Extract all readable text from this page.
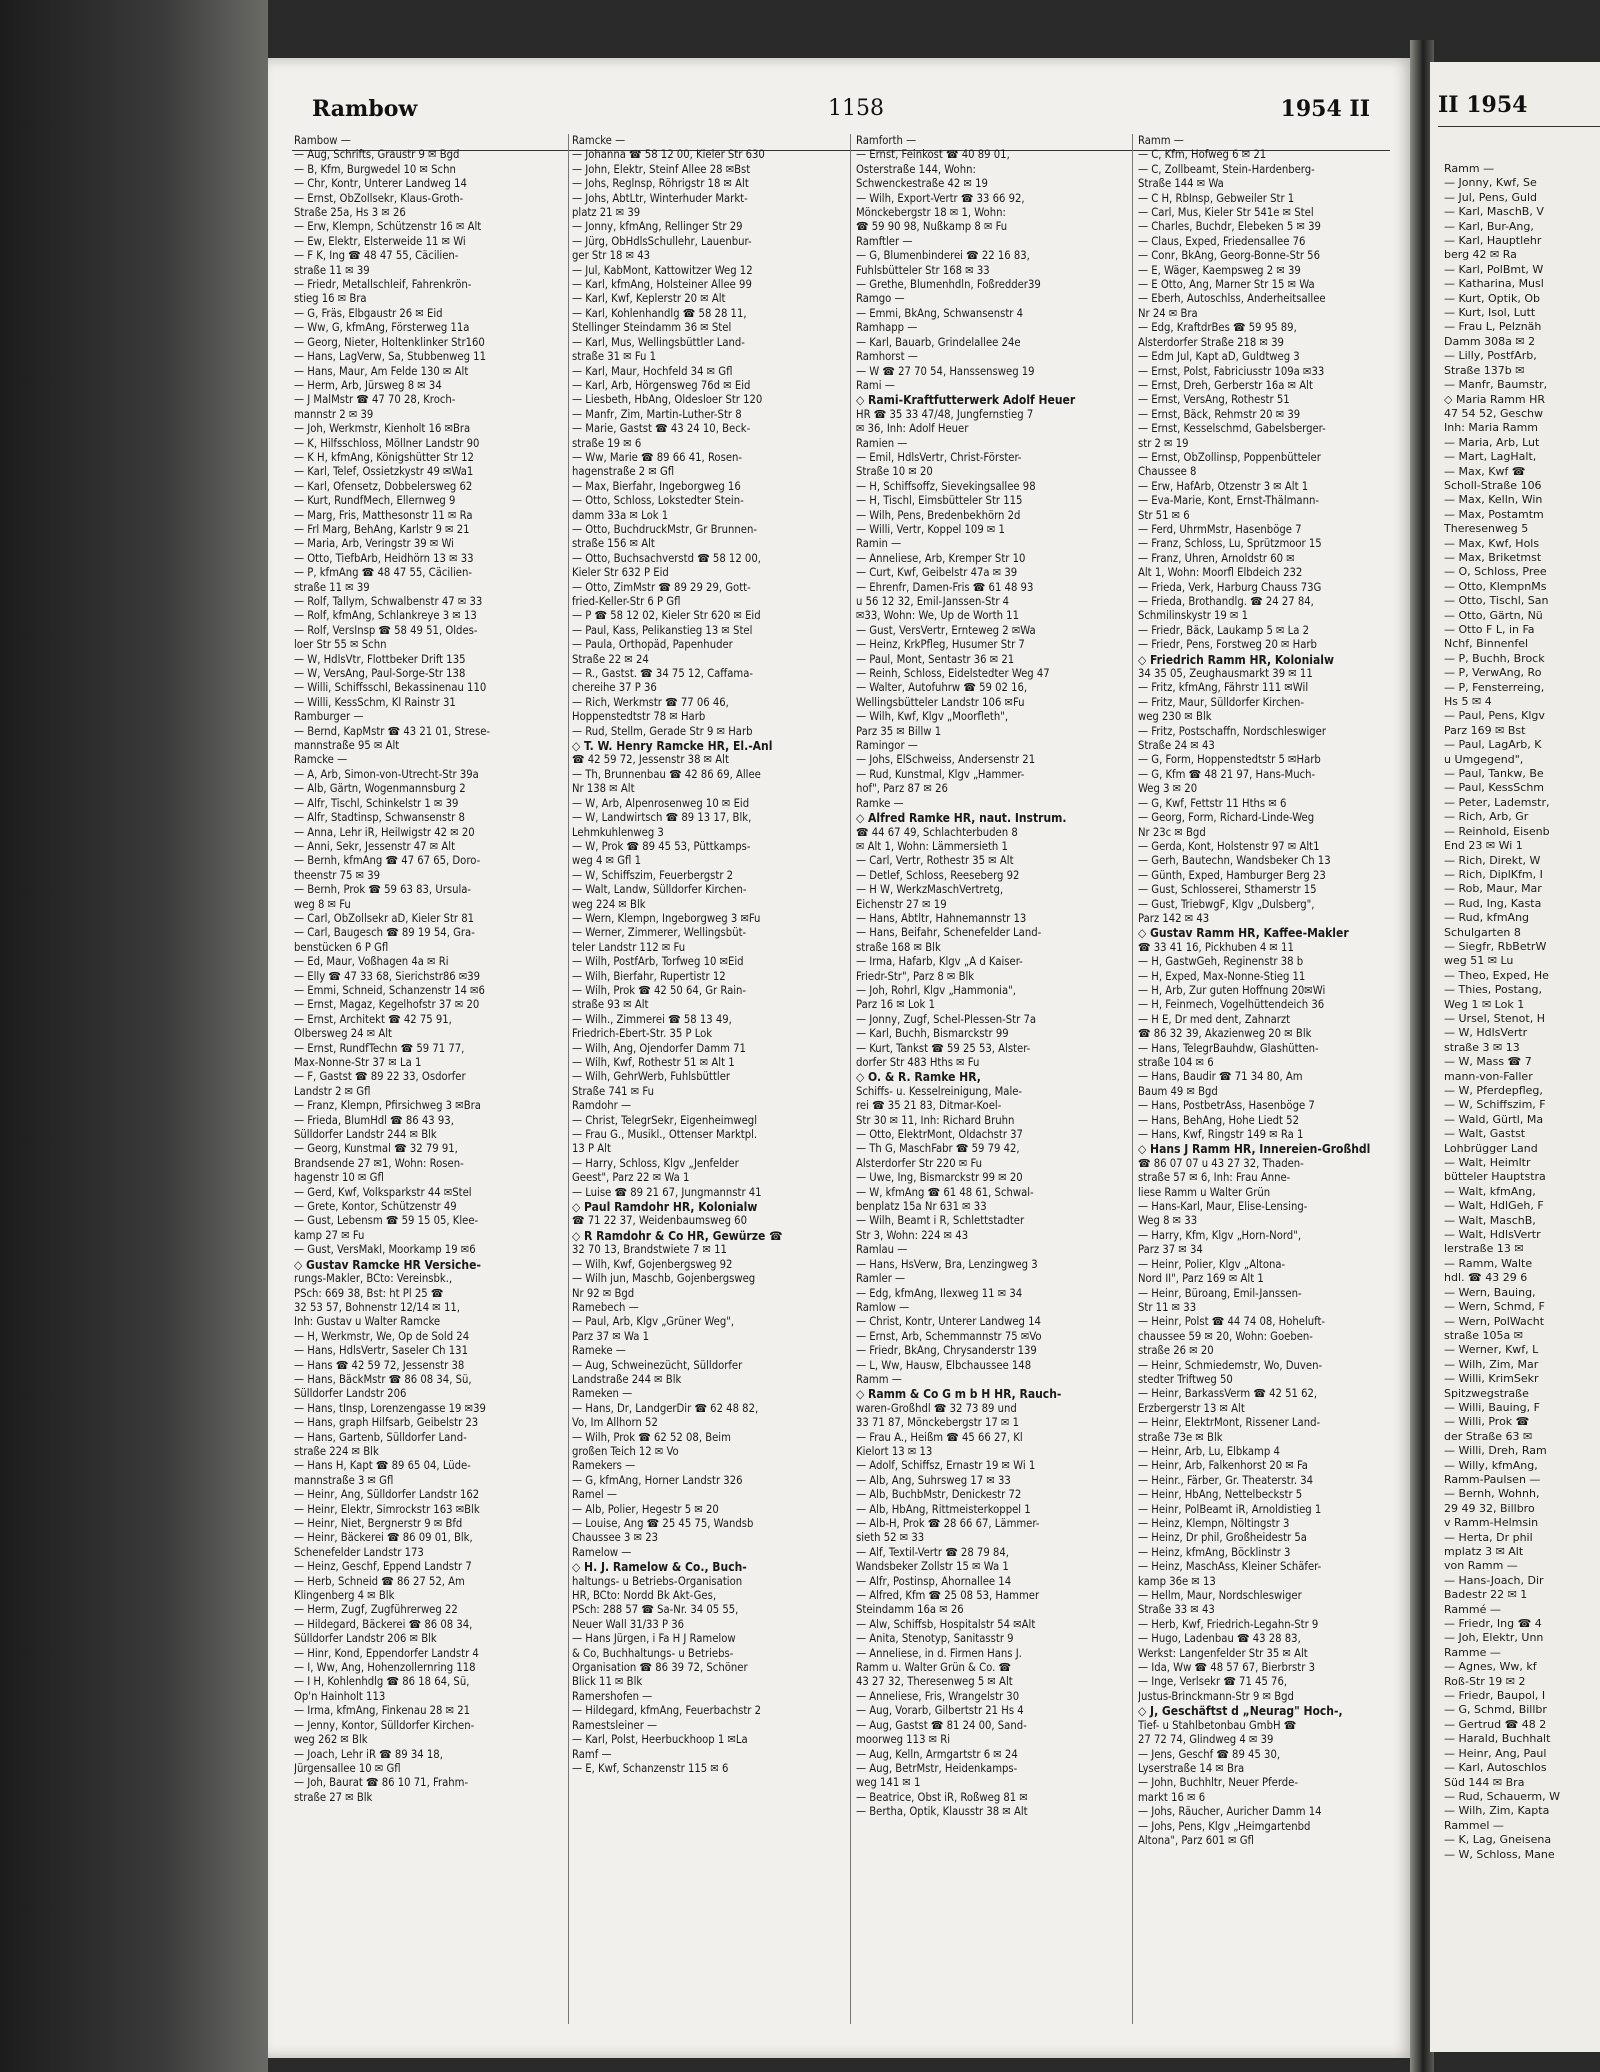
Rambow	1158	1954 II
Rambow —
— Aug, Schrifts, Graustr 9 ✉ Bgd
— B, Kfm, Burgwedel 10 ✉ Schn
— Chr, Kontr, Unterer Landweg 14
— Ernst, ObZollsekr, Klaus-Groth-
Straße 25a, Hs 3 ✉ 26
— Erw, Klempn, Schützenstr 16 ✉ Alt
— Ew, Elektr, Elsterweide 11 ✉ Wi
— F K, Ing ☎ 48 47 55, Cäcilien-
straße 11 ✉ 39
— Friedr, Metallschleif, Fahrenkrön-
stieg 16 ✉ Bra
— G, Fräs, Elbgaustr 26 ✉ Eid
— Ww, G, kfmAng, Försterweg 11a
— Georg, Nieter, Holtenklinker Str160
— Hans, LagVerw, Sa, Stubbenweg 11
— Hans, Maur, Am Felde 130 ✉ Alt
— Herm, Arb, Jürsweg 8 ✉ 34
— J MalMstr ☎ 47 70 28, Kroch-
mannstr 2 ✉ 39
— Joh, Werkmstr, Kienholt 16 ✉Bra
— K, Hilfsschloss, Möllner Landstr 90
— K H, kfmAng, Königshütter Str 12
— Karl, Telef, Ossietzkystr 49 ✉Wa1
— Karl, Ofensetz, Dobbelersweg 62
— Kurt, RundfMech, Ellernweg 9
— Marg, Fris, Matthesonstr 11 ✉ Ra
— Frl Marg, BehAng, Karlstr 9 ✉ 21
— Maria, Arb, Veringstr 39 ✉ Wi
— Otto, TiefbArb, Heidhörn 13 ✉ 33
— P, kfmAng ☎ 48 47 55, Cäcilien-
straße 11 ✉ 39
— Rolf, Tallym, Schwalbenstr 47 ✉ 33
— Rolf, kfmAng, Schlankreye 3 ✉ 13
— Rolf, VersInsp ☎ 58 49 51, Oldes-
loer Str 55 ✉ Schn
— W, HdlsVtr, Flottbeker Drift 135
— W, VersAng, Paul-Sorge-Str 138
— Willi, Schiffsschl, Bekassinenau 110
— Willi, KessSchm, Kl Rainstr 31
Ramburger —
— Bernd, KapMstr ☎ 43 21 01, Strese-
mannstraße 95 ✉ Alt
Ramcke —
— A, Arb, Simon-von-Utrecht-Str 39a
— Alb, Gärtn, Wogenmannsburg 2
— Alfr, Tischl, Schinkelstr 1 ✉ 39
— Alfr, Stadtinsp, Schwansenstr 8
— Anna, Lehr iR, Heilwigstr 42 ✉ 20
— Anni, Sekr, Jessenstr 47 ✉ Alt
— Bernh, kfmAng ☎ 47 67 65, Doro-
theenstr 75 ✉ 39
— Bernh, Prok ☎ 59 63 83, Ursula-
weg 8 ✉ Fu
— Carl, ObZollsekr aD, Kieler Str 81
— Carl, Baugesch ☎ 89 19 54, Gra-
benstücken 6 P Gfl
— Ed, Maur, Voßhagen 4a ✉ Ri
— Elly ☎ 47 33 68, Sierichstr86 ✉39
— Emmi, Schneid, Schanzenstr 14 ✉6
— Ernst, Magaz, Kegelhofstr 37 ✉ 20
— Ernst, Architekt ☎ 42 75 91,
Olbersweg 24 ✉ Alt
— Ernst, RundfTechn ☎ 59 71 77,
Max-Nonne-Str 37 ✉ La 1
— F, Gastst ☎ 89 22 33, Osdorfer
Landstr 2 ✉ Gfl
— Franz, Klempn, Pfirsichweg 3 ✉Bra
— Frieda, BlumHdl ☎ 86 43 93,
Sülldorfer Landstr 244 ✉ Blk
— Georg, Kunstmal ☎ 32 79 91,
Brandsende 27 ✉1, Wohn: Rosen-
hagenstr 10 ✉ Gfl
— Gerd, Kwf, Volksparkstr 44 ✉Stel
— Grete, Kontor, Schützenstr 49
— Gust, Lebensm ☎ 59 15 05, Klee-
kamp 27 ✉ Fu
— Gust, VersMakl, Moorkamp 19 ✉6
◇ Gustav Ramcke HR Versiche-
rungs-Makler, BCto: Vereinsbk.,
PSch: 669 38, Bst: ht Pl 25 ☎
32 53 57, Bohnenstr 12/14 ✉ 11,
Inh: Gustav u Walter Ramcke
— H, Werkmstr, We, Op de Sold 24
— Hans, HdlsVertr, Saseler Ch 131
— Hans ☎ 42 59 72, Jessenstr 38
— Hans, BäckMstr ☎ 86 08 34, Sü,
Sülldorfer Landstr 206
— Hans, tInsp, Lorenzengasse 19 ✉39
— Hans, graph Hilfsarb, Geibelstr 23
— Hans, Gartenb, Sülldorfer Land-
straße 224 ✉ Blk
— Hans H, Kapt ☎ 89 65 04, Lüde-
mannstraße 3 ✉ Gfl
— Heinr, Ang, Sülldorfer Landstr 162
— Heinr, Elektr, Simrockstr 163 ✉Blk
— Heinr, Niet, Bergnerstr 9 ✉ Bfd
— Heinr, Bäckerei ☎ 86 09 01, Blk,
Schenefelder Landstr 173
— Heinz, Geschf, Eppend Landstr 7
— Herb, Schneid ☎ 86 27 52, Am
Klingenberg 4 ✉ Blk
— Herm, Zugf, Zugführerweg 22
— Hildegard, Bäckerei ☎ 86 08 34,
Sülldorfer Landstr 206 ✉ Blk
— Hinr, Kond, Eppendorfer Landstr 4
— I, Ww, Ang, Hohenzollernring 118
— I H, Kohlenhdlg ☎ 86 18 64, Sü,
Op'n Hainholt 113
— Irma, kfmAng, Finkenau 28 ✉ 21
— Jenny, Kontor, Sülldorfer Kirchen-
weg 262 ✉ Blk
— Joach, Lehr iR ☎ 89 34 18,
Jürgensallee 10 ✉ Gfl
— Joh, Baurat ☎ 86 10 71, Frahm-
straße 27 ✉ Blk
Ramcke —
— Johanna ☎ 58 12 00, Kieler Str 630
— John, Elektr, Steinf Allee 28 ✉Bst
— Johs, Reglnsp, Röhrigstr 18 ✉ Alt
— Johs, AbtLtr, Winterhuder Markt-
platz 21 ✉ 39
— Jonny, kfmAng, Rellinger Str 29
— Jürg, ObHdlsSchullehr, Lauenbur-
ger Str 18 ✉ 43
— Jul, KabMont, Kattowitzer Weg 12
— Karl, kfmAng, Holsteiner Allee 99
— Karl, Kwf, Keplerstr 20 ✉ Alt
— Karl, Kohlenhandlg ☎ 58 28 11,
Stellinger Steindamm 36 ✉ Stel
— Karl, Mus, Wellingsbüttler Land-
straße 31 ✉ Fu 1
— Karl, Maur, Hochfeld 34 ✉ Gfl
— Karl, Arb, Hörgensweg 76d ✉ Eid
— Liesbeth, HbAng, Oldesloer Str 120
— Manfr, Zim, Martin-Luther-Str 8
— Marie, Gastst ☎ 43 24 10, Beck-
straße 19 ✉ 6
— Ww, Marie ☎ 89 66 41, Rosen-
hagenstraße 2 ✉ Gfl
— Max, Bierfahr, Ingeborgweg 16
— Otto, Schloss, Lokstedter Stein-
damm 33a ✉ Lok 1
— Otto, BuchdruckMstr, Gr Brunnen-
straße 156 ✉ Alt
— Otto, Buchsachverstd ☎ 58 12 00,
Kieler Str 632 P Eid
— Otto, ZimMstr ☎ 89 29 29, Gott-
fried-Keller-Str 6 P Gfl
— P ☎ 58 12 02, Kieler Str 620 ✉ Eid
— Paul, Kass, Pelikanstieg 13 ✉ Stel
— Paula, Orthopäd, Papenhuder
Straße 22 ✉ 24
— R., Gastst. ☎ 34 75 12, Caffama-
chereihe 37 P 36
— Rich, Werkmstr ☎ 77 06 46,
Hoppenstedtstr 78 ✉ Harb
— Rud, Stellm, Gerade Str 9 ✉ Harb
◇ T. W. Henry Ramcke HR, El.-Anl
☎ 42 59 72, Jessenstr 38 ✉ Alt
— Th, Brunnenbau ☎ 42 86 69, Allee
Nr 138 ✉ Alt
— W, Arb, Alpenrosenweg 10 ✉ Eid
— W, Landwirtsch ☎ 89 13 17, Blk,
Lehmkuhlenweg 3
— W, Prok ☎ 89 45 53, Püttkamps-
weg 4 ✉ Gfl 1
— W, Schiffszim, Feuerbergstr 2
— Walt, Landw, Sülldorfer Kirchen-
weg 224 ✉ Blk
— Wern, Klempn, Ingeborgweg 3 ✉Fu
— Werner, Zimmerer, Wellingsbüt-
teler Landstr 112 ✉ Fu
— Wilh, PostfArb, Torfweg 10 ✉Eid
— Wilh, Bierfahr, Rupertistr 12
— Wilh, Prok ☎ 42 50 64, Gr Rain-
straße 93 ✉ Alt
— Wilh., Zimmerei ☎ 58 13 49,
Friedrich-Ebert-Str. 35 P Lok
— Wilh, Ang, Ojendorfer Damm 71
— Wilh, Kwf, Rothestr 51 ✉ Alt 1
— Wilh, GehrWerb, Fuhlsbüttler
Straße 741 ✉ Fu
Ramdohr —
— Christ, TelegrSekr, Eigenheimwegl
— Frau G., Musikl., Ottenser Marktpl.
13 P Alt
— Harry, Schloss, Klgv „Jenfelder
Geest", Parz 22 ✉ Wa 1
— Luise ☎ 89 21 67, Jungmannstr 41
◇ Paul Ramdohr HR, Kolonialw
☎ 71 22 37, Weidenbaumsweg 60
◇ R Ramdohr & Co HR, Gewürze ☎
32 70 13, Brandstwiete 7 ✉ 11
— Wilh, Kwf, Gojenbergsweg 92
— Wilh jun, Maschb, Gojenbergsweg
Nr 92 ✉ Bgd
Ramebech —
— Paul, Arb, Klgv „Grüner Weg",
Parz 37 ✉ Wa 1
Rameke —
— Aug, Schweinezücht, Sülldorfer
Landstraße 244 ✉ Blk
Rameken —
— Hans, Dr, LandgerDir ☎ 62 48 82,
Vo, Im Allhorn 52
— Wilh, Prok ☎ 62 52 08, Beim
großen Teich 12 ✉ Vo
Ramekers —
— G, kfmAng, Horner Landstr 326
Ramel —
— Alb, Polier, Hegestr 5 ✉ 20
— Louise, Ang ☎ 25 45 75, Wandsb
Chaussee 3 ✉ 23
Ramelow —
◇ H. J. Ramelow & Co., Buch-
haltungs- u Betriebs-Organisation
HR, BCto: Nordd Bk Akt-Ges,
PSch: 288 57 ☎ Sa-Nr. 34 05 55,
Neuer Wall 31/33 P 36
— Hans Jürgen, i Fa H J Ramelow
& Co, Buchhaltungs- u Betriebs-
Organisation ☎ 86 39 72, Schöner
Blick 11 ✉ Blk
Ramershofen —
— Hildegard, kfmAng, Feuerbachstr 2
Ramestsleiner —
— Karl, Polst, Heerbuckhoop 1 ✉La
Ramf —
— E, Kwf, Schanzenstr 115 ✉ 6
Ramforth —
— Ernst, Feinkost ☎ 40 89 01,
Osterstraße 144, Wohn:
Schwenckestraße 42 ✉ 19
— Wilh, Export-Vertr ☎ 33 66 92,
Mönckebergstr 18 ✉ 1, Wohn:
☎ 59 90 98, Nußkamp 8 ✉ Fu
Ramftler —
— G, Blumenbinderei ☎ 22 16 83,
Fuhlsbütteler Str 168 ✉ 33
— Grethe, Blumenhdln, Foßredder39
Ramgo —
— Emmi, BkAng, Schwansenstr 4
Ramhapp —
— Karl, Bauarb, Grindelallee 24e
Ramhorst —
— W ☎ 27 70 54, Hanssensweg 19
Rami —
◇ Rami-Kraftfutterwerk Adolf Heuer
HR ☎ 35 33 47/48, Jungfernstieg 7
✉ 36, Inh: Adolf Heuer
Ramien —
— Emil, HdlsVertr, Christ-Förster-
Straße 10 ✉ 20
— H, Schiffsoffz, Sievekingsallee 98
— H, Tischl, Eimsbütteler Str 115
— Wilh, Pens, Bredenbekhörn 2d
— Willi, Vertr, Koppel 109 ✉ 1
Ramin —
— Anneliese, Arb, Kremper Str 10
— Curt, Kwf, Geibelstr 47a ✉ 39
— Ehrenfr, Damen-Fris ☎ 61 48 93
u 56 12 32, Emil-Janssen-Str 4
✉33, Wohn: We, Up de Worth 11
— Gust, VersVertr, Ernteweg 2 ✉Wa
— Heinz, KrkPfleg, Husumer Str 7
— Paul, Mont, Sentastr 36 ✉ 21
— Reinh, Schloss, Eidelstedter Weg 47
— Walter, Autofuhrw ☎ 59 02 16,
Wellingsbütteler Landstr 106 ✉Fu
— Wilh, Kwf, Klgv „Moorfleth",
Parz 35 ✉ Billw 1
Ramingor —
— Johs, ElSchweiss, Andersenstr 21
— Rud, Kunstmal, Klgv „Hammer-
hof", Parz 87 ✉ 26
Ramke —
◇ Alfred Ramke HR, naut. Instrum.
☎ 44 67 49, Schlachterbuden 8
✉ Alt 1, Wohn: Lämmersieth 1
— Carl, Vertr, Rothestr 35 ✉ Alt
— Detlef, Schloss, Reeseberg 92
— H W, WerkzMaschVertretg,
Eichenstr 27 ✉ 19
— Hans, Abtltr, Hahnemannstr 13
— Hans, Beifahr, Schenefelder Land-
straße 168 ✉ Blk
— Irma, Hafarb, Klgv „A d Kaiser-
Friedr-Str", Parz 8 ✉ Blk
— Joh, Rohrl, Klgv „Hammonia",
Parz 16 ✉ Lok 1
— Jonny, Zugf, Schel-Plessen-Str 7a
— Karl, Buchh, Bismarckstr 99
— Kurt, Tankst ☎ 59 25 53, Alster-
dorfer Str 483 Hths ✉ Fu
◇ O. & R. Ramke HR,
Schiffs- u. Kesselreinigung, Male-
rei ☎ 35 21 83, Ditmar-Koel-
Str 30 ✉ 11, Inh: Richard Bruhn
— Otto, ElektrMont, Oldachstr 37
— Th G, MaschFabr ☎ 59 79 42,
Alsterdorfer Str 220 ✉ Fu
— Uwe, Ing, Bismarckstr 99 ✉ 20
— W, kfmAng ☎ 61 48 61, Schwal-
benplatz 15a Nr 631 ✉ 33
— Wilh, Beamt i R, Schlettstadter
Str 3, Wohn: 224 ✉ 43
Ramlau —
— Hans, HsVerw, Bra, Lenzingweg 3
Ramler —
— Edg, kfmAng, Ilexweg 11 ✉ 34
Ramlow —
— Christ, Kontr, Unterer Landweg 14
— Ernst, Arb, Schemmannstr 75 ✉Vo
— Friedr, BkAng, Chrysanderstr 139
— L, Ww, Hausw, Elbchaussee 148
Ramm —
◇ Ramm & Co G m b H HR, Rauch-
waren-Großhdl ☎ 32 73 89 und
33 71 87, Mönckebergstr 17 ✉ 1
— Frau A., Heißm ☎ 45 66 27, Kl
Kielort 13 ✉ 13
— Adolf, Schiffsz, Ernastr 19 ✉ Wi 1
— Alb, Ang, Suhrsweg 17 ✉ 33
— Alb, BuchbMstr, Denickestr 72
— Alb, HbAng, Rittmeisterkoppel 1
— Alb-H, Prok ☎ 28 66 67, Lämmer-
sieth 52 ✉ 33
— Alf, Textil-Vertr ☎ 28 79 84,
Wandsbeker Zollstr 15 ✉ Wa 1
— Alfr, Postinsp, Ahornallee 14
— Alfred, Kfm ☎ 25 08 53, Hammer
Steindamm 16a ✉ 26
— Alw, Schiffsb, Hospitalstr 54 ✉Alt
— Anita, Stenotyp, Sanitasstr 9
— Anneliese, in d. Firmen Hans J.
Ramm u. Walter Grün & Co. ☎
43 27 32, Theresenweg 5 ✉ Alt
— Anneliese, Fris, Wrangelstr 30
— Aug, Vorarb, Gilbertstr 21 Hs 4
— Aug, Gastst ☎ 81 24 00, Sand-
moorweg 113 ✉ Ri
— Aug, Kelln, Armgartstr 6 ✉ 24
— Aug, BetrMstr, Heidenkamps-
weg 141 ✉ 1
— Beatrice, Obst iR, Roßweg 81 ✉
— Bertha, Optik, Klausstr 38 ✉ Alt
Ramm —
— C, Kfm, Hofweg 6 ✉ 21
— C, Zollbeamt, Stein-Hardenberg-
Straße 144 ✉ Wa
— C H, RbInsp, Gebweiler Str 1
— Carl, Mus, Kieler Str 541e ✉ Stel
— Charles, Buchdr, Elebeken 5 ✉ 39
— Claus, Exped, Friedensallee 76
— Conr, BkAng, Georg-Bonne-Str 56
— E, Wäger, Kaempsweg 2 ✉ 39
— E Otto, Ang, Marner Str 15 ✉ Wa
— Eberh, Autoschlss, Anderheitsallee
Nr 24 ✉ Bra
— Edg, KraftdrBes ☎ 59 95 89,
Alsterdorfer Straße 218 ✉ 39
— Edm Jul, Kapt aD, Guldtweg 3
— Ernst, Polst, Fabriciusstr 109a ✉33
— Ernst, Dreh, Gerberstr 16a ✉ Alt
— Ernst, VersAng, Rothestr 51
— Ernst, Bäck, Rehmstr 20 ✉ 39
— Ernst, Kesselschmd, Gabelsberger-
str 2 ✉ 19
— Ernst, ObZollinsp, Poppenbütteler
Chaussee 8
— Erw, HafArb, Otzenstr 3 ✉ Alt 1
— Eva-Marie, Kont, Ernst-Thälmann-
Str 51 ✉ 6
— Ferd, UhrmMstr, Hasenböge 7
— Franz, Schloss, Lu, Sprützmoor 15
— Franz, Uhren, Arnoldstr 60 ✉
Alt 1, Wohn: Moorfl Elbdeich 232
— Frieda, Verk, Harburg Chauss 73G
— Frieda, Brothandlg. ☎ 24 27 84,
Schmilinskystr 19 ✉ 1
— Friedr, Bäck, Laukamp 5 ✉ La 2
— Friedr, Pens, Forstweg 20 ✉ Harb
◇ Friedrich Ramm HR, Kolonialw
34 35 05, Zeughausmarkt 39 ✉ 11
— Fritz, kfmAng, Fährstr 111 ✉Wil
— Fritz, Maur, Sülldorfer Kirchen-
weg 230 ✉ Blk
— Fritz, Postschaffn, Nordschleswiger
Straße 24 ✉ 43
— G, Form, Hoppenstedtstr 5 ✉Harb
— G, Kfm ☎ 48 21 97, Hans-Much-
Weg 3 ✉ 20
— G, Kwf, Fettstr 11 Hths ✉ 6
— Georg, Form, Richard-Linde-Weg
Nr 23c ✉ Bgd
— Gerda, Kont, Holstenstr 97 ✉ Alt1
— Gerh, Bautechn, Wandsbeker Ch 13
— Günth, Exped, Hamburger Berg 23
— Gust, Schlosserei, Sthamerstr 15
— Gust, TriebwgF, Klgv „Dulsberg",
Parz 142 ✉ 43
◇ Gustav Ramm HR, Kaffee-Makler
☎ 33 41 16, Pickhuben 4 ✉ 11
— H, GastwGeh, Reginenstr 38 b
— H, Exped, Max-Nonne-Stieg 11
— H, Arb, Zur guten Hoffnung 20✉Wi
— H, Feinmech, Vogelhüttendeich 36
— H E, Dr med dent, Zahnarzt
☎ 86 32 39, Akazienweg 20 ✉ Blk
— Hans, TelegrBauhdw, Glashütten-
straße 104 ✉ 6
— Hans, Baudir ☎ 71 34 80, Am
Baum 49 ✉ Bgd
— Hans, PostbetrAss, Hasenböge 7
— Hans, BehAng, Hohe Liedt 52
— Hans, Kwf, Ringstr 149 ✉ Ra 1
◇ Hans J Ramm HR, Innereien-Großhdl
☎ 86 07 07 u 43 27 32, Thaden-
straße 57 ✉ 6, Inh: Frau Anne-
liese Ramm u Walter Grün
— Hans-Karl, Maur, Elise-Lensing-
Weg 8 ✉ 33
— Harry, Kfm, Klgv „Horn-Nord",
Parz 37 ✉ 34
— Heinr, Polier, Klgv „Altona-
Nord II", Parz 169 ✉ Alt 1
— Heinr, Büroang, Emil-Janssen-
Str 11 ✉ 33
— Heinr, Polst ☎ 44 74 08, Hoheluft-
chaussee 59 ✉ 20, Wohn: Goeben-
straße 26 ✉ 20
— Heinr, Schmiedemstr, Wo, Duven-
stedter Triftweg 50
— Heinr, BarkassVerm ☎ 42 51 62,
Erzbergerstr 13 ✉ Alt
— Heinr, ElektrMont, Rissener Land-
straße 73e ✉ Blk
— Heinr, Arb, Lu, Elbkamp 4
— Heinr, Arb, Falkenhorst 20 ✉ Fa
— Heinr., Färber, Gr. Theaterstr. 34
— Heinr, HbAng, Nettelbeckstr 5
— Heinr, PolBeamt iR, Arnoldistieg 1
— Heinz, Klempn, Nöltingstr 3
— Heinz, Dr phil, Großheidestr 5a
— Heinz, kfmAng, Böcklinstr 3
— Heinz, MaschAss, Kleiner Schäfer-
kamp 36e ✉ 13
— Hellm, Maur, Nordschleswiger
Straße 33 ✉ 43
— Herb, Kwf, Friedrich-Legahn-Str 9
— Hugo, Ladenbau ☎ 43 28 83,
Werkst: Langenfelder Str 35 ✉ Alt
— Ida, Ww ☎ 48 57 67, Bierbrstr 3
— Inge, Verlsekr ☎ 71 45 76,
Justus-Brinckmann-Str 9 ✉ Bgd
◇ J, Geschäftst d „Neurag" Hoch-,
Tief- u Stahlbetonbau GmbH ☎
27 72 74, Glindweg 4 ✉ 39
— Jens, Geschf ☎ 89 45 30,
Lyserstraße 14 ✉ Bra
— John, Buchhltr, Neuer Pferde-
markt 16 ✉ 6
— Johs, Räucher, Auricher Damm 14
— Johs, Pens, Klgv „Heimgartenbd
Altona", Parz 601 ✉ Gfl
II 1954
Ramm —
— Jonny, Kwf, Se
— Jul, Pens, Guld
— Karl, MaschB, V
— Karl, Bur-Ang,
— Karl, Hauptlehr
berg 42 ✉ Ra
— Karl, PolBmt, W
— Katharina, Musl
— Kurt, Optik, Ob
— Kurt, Isol, Lutt
— Frau L, Pelznäh
Damm 308a ✉ 2
— Lilly, PostfArb,
Straße 137b ✉
— Manfr, Baumstr,
◇ Maria Ramm HR
47 54 52, Geschw
Inh: Maria Ramm
— Maria, Arb, Lut
— Mart, LagHalt,
— Max, Kwf ☎
Scholl-Straße 106
— Max, Kelln, Win
— Max, Postamtm
Theresenweg 5
— Max, Kwf, Hols
— Max, Briketmst
— O, Schloss, Pree
— Otto, KlempnMs
— Otto, Tischl, San
— Otto, Gärtn, Nü
— Otto F L, in Fa
Nchf, Binnenfel
— P, Buchh, Brock
— P, VerwAng, Ro
— P, Fensterreing,
Hs 5 ✉ 4
— Paul, Pens, Klgv
Parz 169 ✉ Bst
— Paul, LagArb, K
u Umgegend",
— Paul, Tankw, Be
— Paul, KessSchm
— Peter, Lademstr,
— Rich, Arb, Gr
— Reinhold, Eisenb
End 23 ✉ Wi 1
— Rich, Direkt, W
— Rich, DiplKfm, I
— Rob, Maur, Mar
— Rud, Ing, Kasta
— Rud, kfmAng
Schulgarten 8
— Siegfr, RbBetrW
weg 51 ✉ Lu
— Theo, Exped, He
— Thies, Postang,
Weg 1 ✉ Lok 1
— Ursel, Stenot, H
— W, HdlsVertr
straße 3 ✉ 13
— W, Mass ☎ 7
mann-von-Faller
— W, Pferdepfleg,
— W, Schiffszim, F
— Wald, Gürtl, Ma
— Walt, Gastst
Lohbrügger Land
— Walt, Heimltr
bütteler Hauptstra
— Walt, kfmAng,
— Walt, HdlGeh, F
— Walt, MaschB,
— Walt, HdlsVertr
lerstraße 13 ✉
— Ramm, Walte
hdl. ☎ 43 29 6
— Wern, Bauing,
— Wern, Schmd, F
— Wern, PolWacht
straße 105a ✉
— Werner, Kwf, L
— Wilh, Zim, Mar
— Willi, KrimSekr
Spitzwegstraße
— Willi, Bauing, F
— Willi, Prok ☎
der Straße 63 ✉
— Willi, Dreh, Ram
— Willy, kfmAng,
Ramm-Paulsen —
— Bernh, Wohnh,
29 49 32, Billbro
v Ramm-Helmsin
— Herta, Dr phil
mplatz 3 ✉ Alt
von Ramm —
— Hans-Joach, Dir
Badestr 22 ✉ 1
Rammé —
— Friedr, Ing ☎ 4
— Joh, Elektr, Unn
Ramme —
— Agnes, Ww, kf
Roß-Str 19 ✉ 2
— Friedr, Baupol, I
— G, Schmd, Billbr
— Gertrud ☎ 48 2
— Harald, Buchhalt
— Heinr, Ang, Paul
— Karl, Autoschlos
Süd 144 ✉ Bra
— Rud, Schauerm, W
— Wilh, Zim, Kapta
Rammel —
— K, Lag, Gneisena
— W, Schloss, Mane
